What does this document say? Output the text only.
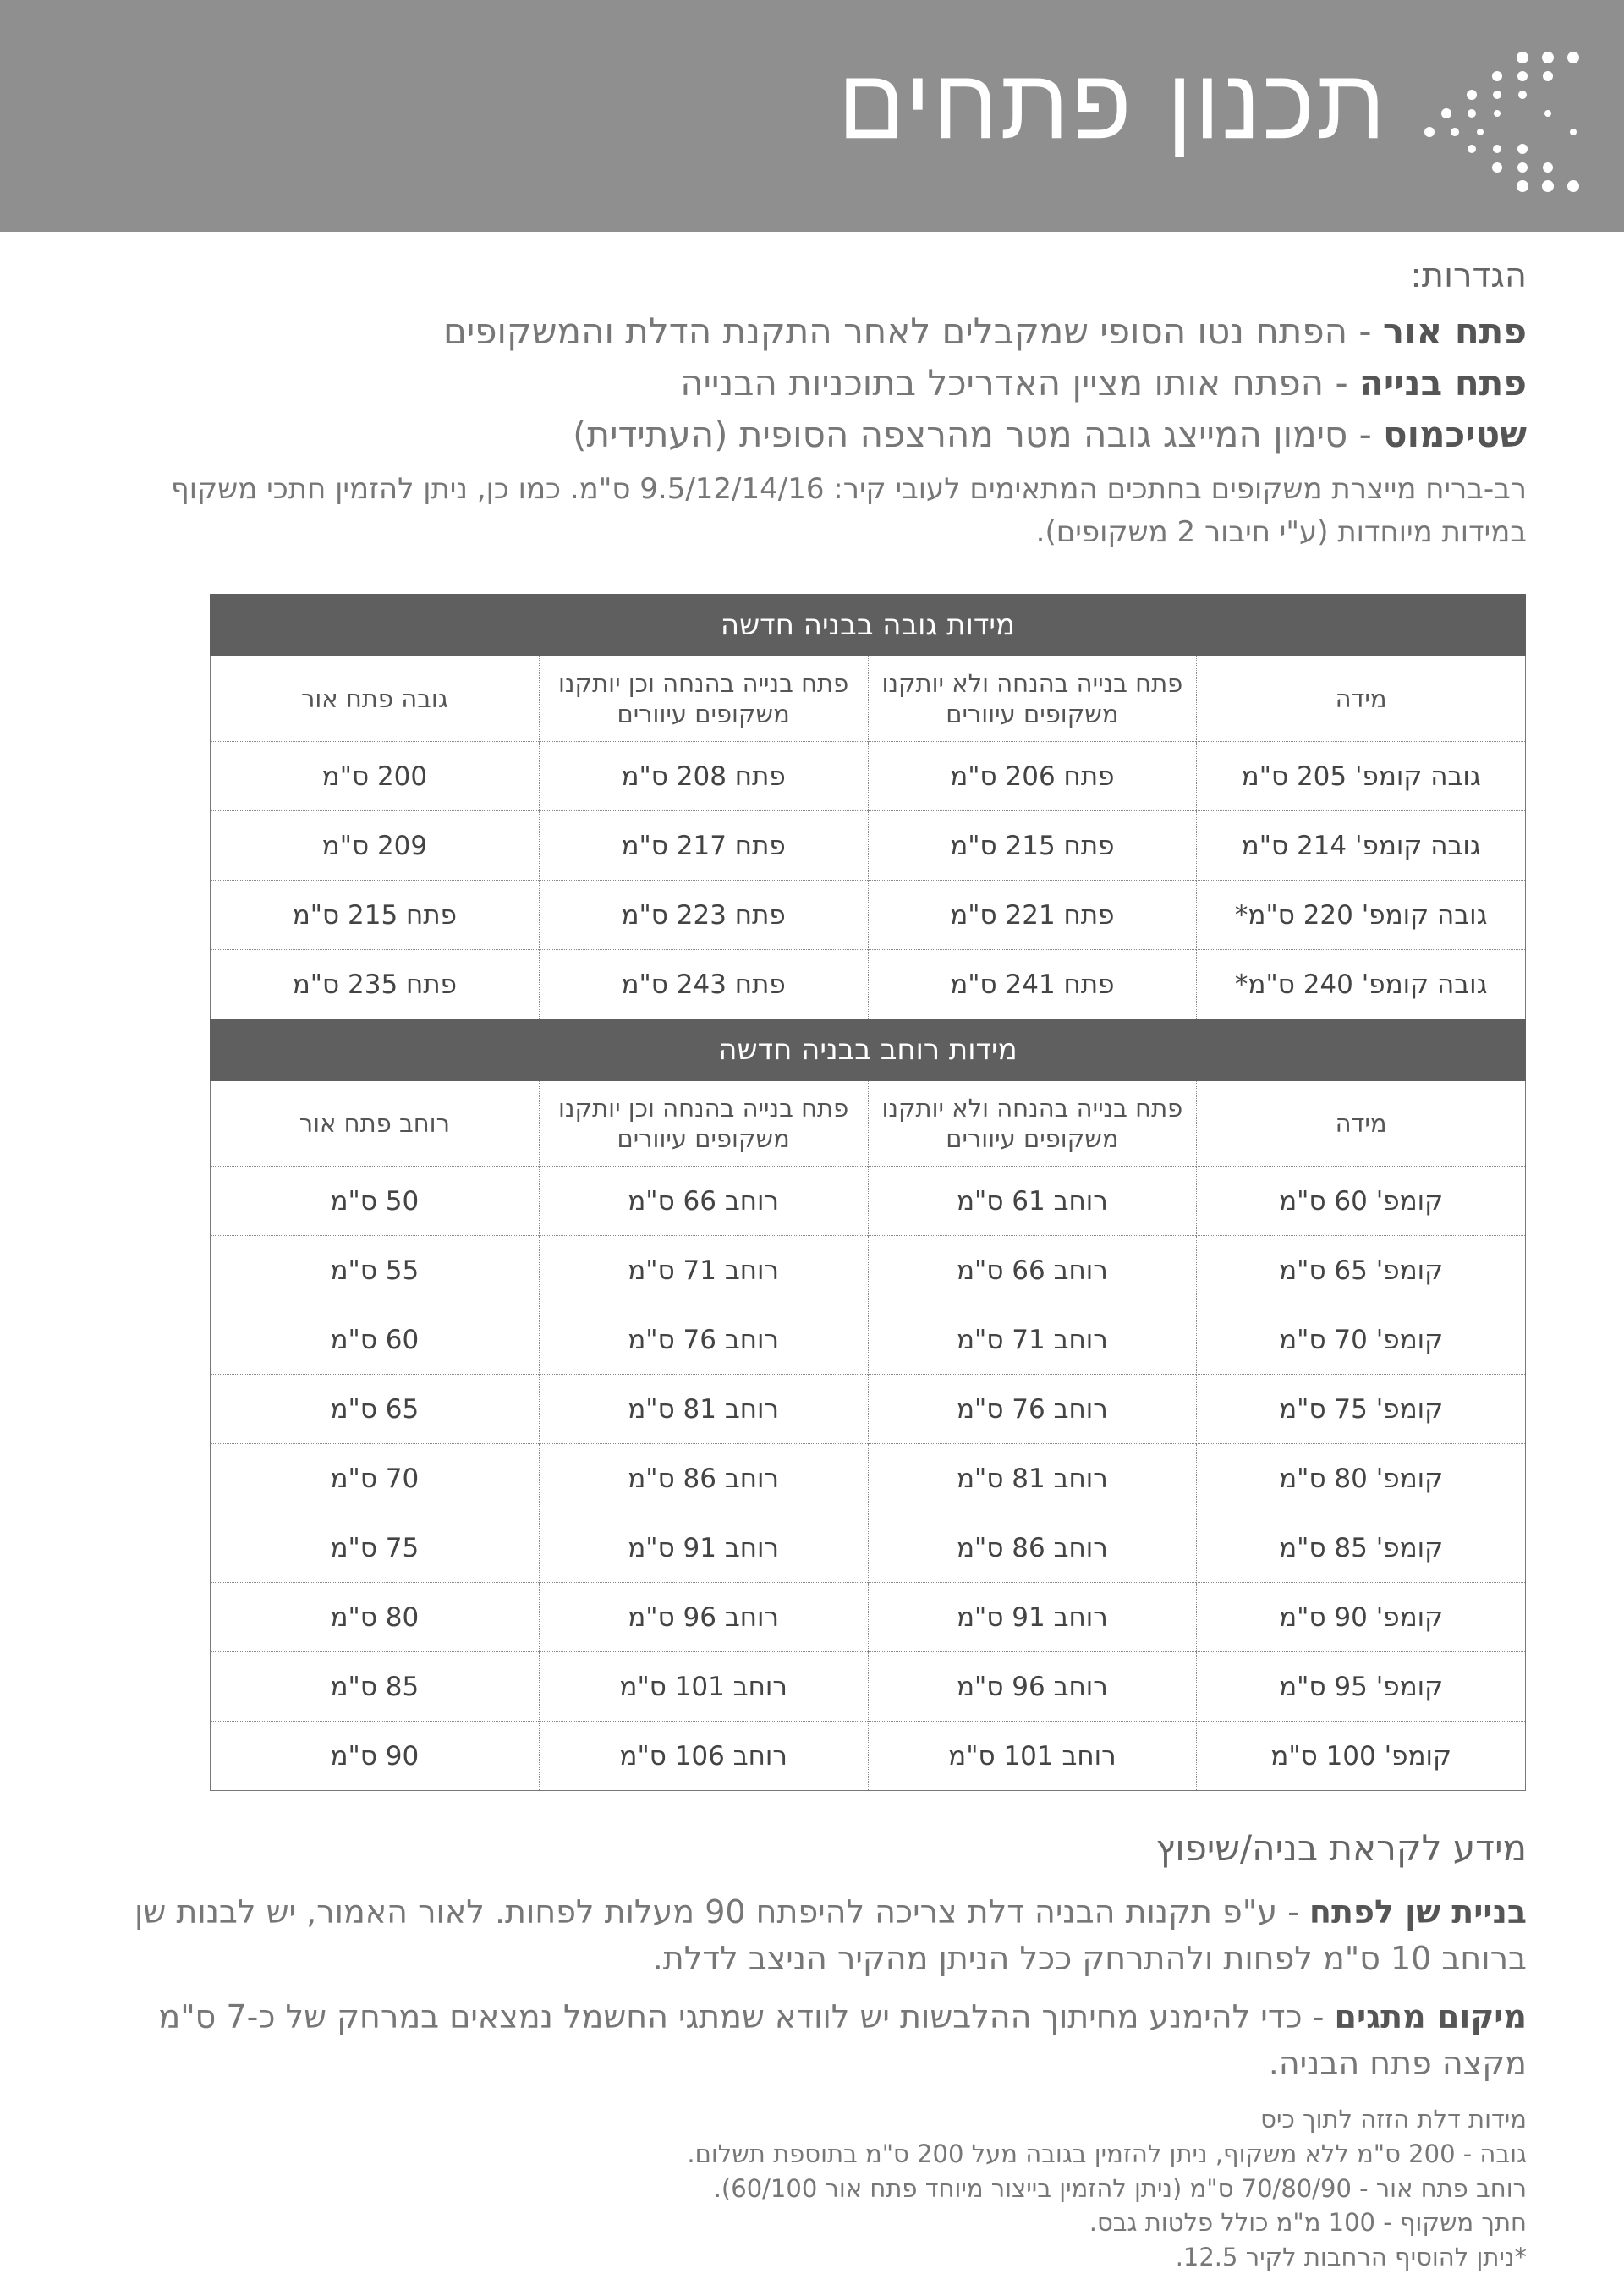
תכנון פתחים

הגדרות:

פתח אור - הפתח נטו הסופי שמקבלים לאחר התקנת הדלת והמשקופים

פתח בנייה - הפתח אותו מציין האדריכל בתוכניות הבנייה

שטיכמוס - סימון המייצג גובה מטר מהרצפה הסופית (העתידית)

רב-בריח מייצרת משקופים בחתכים המתאימים לעובי קיר: 9.5/12/14/16 ס"מ. כמו כן, ניתן להזמין חתכי משקוף במידות מיוחדות (ע"י חיבור 2 משקופים).

מידות גובה בבניה חדשה			
מידה	פתח בנייה בהנחה ולא יותקנו משקופים עיוורים	פתח בנייה בהנחה וכן יותקנו משקופים עיוורים	גובה פתח אור
גובה קומפ' 205 ס"מ	פתח 206 ס"מ	פתח 208 ס"מ	200 ס"מ
גובה קומפ' 214 ס"מ	פתח 215 ס"מ	פתח 217 ס"מ	209 ס"מ
גובה קומפ' 220 ס"מ*	פתח 221 ס"מ	פתח 223 ס"מ	פתח 215 ס"מ
גובה קומפ' 240 ס"מ*	פתח 241 ס"מ	פתח 243 ס"מ	פתח 235 ס"מ
מידות רוחב בבניה חדשה			
מידה	פתח בנייה בהנחה ולא יותקנו משקופים עיוורים	פתח בנייה בהנחה וכן יותקנו משקופים עיוורים	רוחב פתח אור
קומפ' 60 ס"מ	רוחב 61 ס"מ	רוחב 66 ס"מ	50 ס"מ
קומפ' 65 ס"מ	רוחב 66 ס"מ	רוחב 71 ס"מ	55 ס"מ
קומפ' 70 ס"מ	רוחב 71 ס"מ	רוחב 76 ס"מ	60 ס"מ
קומפ' 75 ס"מ	רוחב 76 ס"מ	רוחב 81 ס"מ	65 ס"מ
קומפ' 80 ס"מ	רוחב 81 ס"מ	רוחב 86 ס"מ	70 ס"מ
קומפ' 85 ס"מ	רוחב 86 ס"מ	רוחב 91 ס"מ	75 ס"מ
קומפ' 90 ס"מ	רוחב 91 ס"מ	רוחב 96 ס"מ	80 ס"מ
קומפ' 95 ס"מ	רוחב 96 ס"מ	רוחב 101 ס"מ	85 ס"מ
קומפ' 100 ס"מ	רוחב 101 ס"מ	רוחב 106 ס"מ	90 ס"מ

מידע לקראת בניה/שיפוץ

בניית שן לפתח - ע"פ תקנות הבניה דלת צריכה להיפתח 90 מעלות לפחות. לאור האמור, יש לבנות שן ברוחב 10 ס"מ לפחות ולהתרחק ככל הניתן מהקיר הניצב לדלת.

מיקום מתגים - כדי להימנע מחיתוך ההלבשות יש לוודא שמתגי החשמל נמצאים במרחק של כ-7 ס"מ מקצה פתח הבניה.

מידות דלת הזזה לתוך כיס

גובה - 200 ס"מ ללא משקוף, ניתן להזמין בגובה מעל 200 ס"מ בתוספת תשלום.

רוחב פתח אור - 70/80/90 ס"מ (ניתן להזמין בייצור מיוחד פתח אור 60/100).

חתך משקוף - 100 מ"מ כולל פלטות גבס.

*ניתן להוסיף הרחבות לקיר 12.5.
